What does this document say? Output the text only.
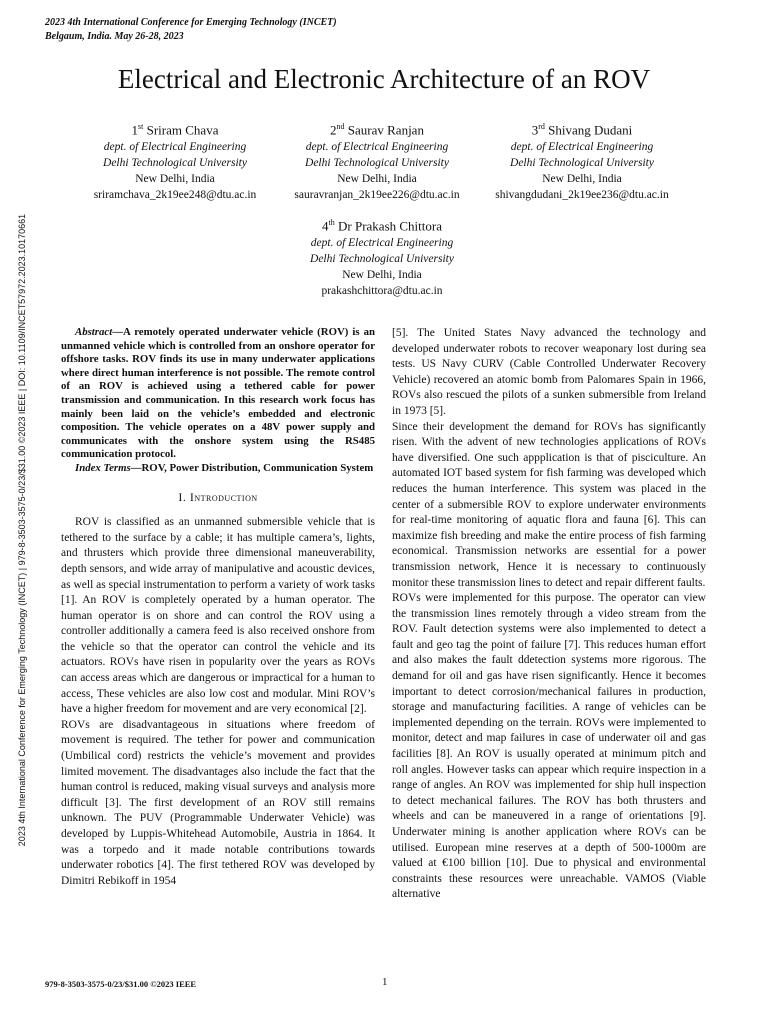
2023 4th International Conference for Emerging Technology (INCET)
Belgaum, India. May 26-28, 2023
Electrical and Electronic Architecture of an ROV
1st Sriram Chava
dept. of Electrical Engineering
Delhi Technological University
New Delhi, India
sriramchava_2k19ee248@dtu.ac.in
2nd Saurav Ranjan
dept. of Electrical Engineering
Delhi Technological University
New Delhi, India
sauravranjan_2k19ee226@dtu.ac.in
3rd Shivang Dudani
dept. of Electrical Engineering
Delhi Technological University
New Delhi, India
shivangdudani_2k19ee236@dtu.ac.in
4th Dr Prakash Chittora
dept. of Electrical Engineering
Delhi Technological University
New Delhi, India
prakashchittora@dtu.ac.in
2023 4th International Conference for Emerging Technology (INCET) | 979-8-3503-3575-0/23/$31.00 ©2023 IEEE | DOI: 10.1109/INCET57972.2023.10170661	Abstract—A remotely operated underwater vehicle (ROV) is an unmanned vehicle which is controlled from an onshore operator for offshore tasks. ROV finds its use in many underwater applications where direct human interference is not possible. The remote control of an ROV is achieved using a tethered cable for power transmission and communication. In this research work focus has mainly been laid on the vehicle’s embedded and electronic composition. The vehicle operates on a 48V power supply and communicates with the onshore system using the RS485 communication protocol.

Index Terms—ROV, Power Distribution, Communication System

I. Introduction

ROV is classified as an unmanned submersible vehicle that is tethered to the surface by a cable; it has multiple camera’s, lights, and thrusters which provide three dimensional maneuverability, depth sensors, and wide array of manipulative and acoustic devices, as well as special instrumentation to perform a variety of work tasks [1]. An ROV is completely operated by a human operator. The human operator is on shore and can control the ROV using a controller additionally a camera feed is also received onshore from the vehicle so that the operator can control the vehicle and its actuators. ROVs have risen in popularity over the years as ROVs can access areas which are dangerous or impractical for a human to access, These vehicles are also low cost and modular. Mini ROV’s have a higher freedom for movement and are very economical [2].

ROVs are disadvantageous in situations where freedom of movement is required. The tether for power and communication (Umbilical cord) restricts the vehicle’s movement and provides limited movement. The disadvantages also include the fact that the human control is reduced, making visual surveys and analysis more difficult [3]. The first development of an ROV still remains unknown. The PUV (Programmable Underwater Vehicle) was developed by Luppis-Whitehead Automobile, Austria in 1864. It was a torpedo and it made notable contributions towards underwater robotics [4]. The first tethered ROV was developed by Dimitri Rebikoff in 1954

[5]. The United States Navy advanced the technology and developed underwater robots to recover weaponary lost during sea tests. US Navy CURV (Cable Controlled Underwater Recovery Vehicle) recovered an atomic bomb from Palomares Spain in 1966, ROVs also rescued the pilots of a sunken submersible from Ireland in 1973 [5].

Since their development the demand for ROVs has significantly risen. With the advent of new technologies applications of ROVs have diversified. One such appplication is that of pisciculture. An automated IOT based system for fish farming was developed which reduces the human interference. This system was placed in the center of a submersible ROV to explore underwater environments for real-time monitoring of aquatic flora and fauna [6]. This can maximize fish breeding and make the entire process of fish farming economical. Transmission networks are essential for a power transmission network, Hence it is necessary to continuously monitor these transmission lines to detect and repair different faults.

ROVs were implemented for this purpose. The operator can view the transmission lines remotely through a video stream from the ROV. Fault detection systems were also implemented to detect a fault and geo tag the point of failure [7]. This reduces human effort and also makes the fault ddetection systems more rigorous. The demand for oil and gas have risen significantly. Hence it becomes important to detect corrosion/mechanical failures in production, storage and manufacturing facilities. A range of vehicles can be implemented depending on the terrain. ROVs were implemented to monitor, detect and map failures in case of underwater oil and gas facilities [8]. An ROV is usually operated at minimum pitch and roll angles. However tasks can appear which require inspection in a range of angles. An ROV was implemented for ship hull inspection to detect mechanical failures. The ROV has both thrusters and wheels and can be maneuvered in a range of orientations [9]. Underwater mining is another application where ROVs can be utilised. European mine reserves at a depth of 500-1000m are valued at €100 billion [10]. Due to physical and environmental constraints these resources were unreachable. VAMOS (Viable alternative

979-8-3503-3575-0/23/$31.00 ©2023 IEEE	1
